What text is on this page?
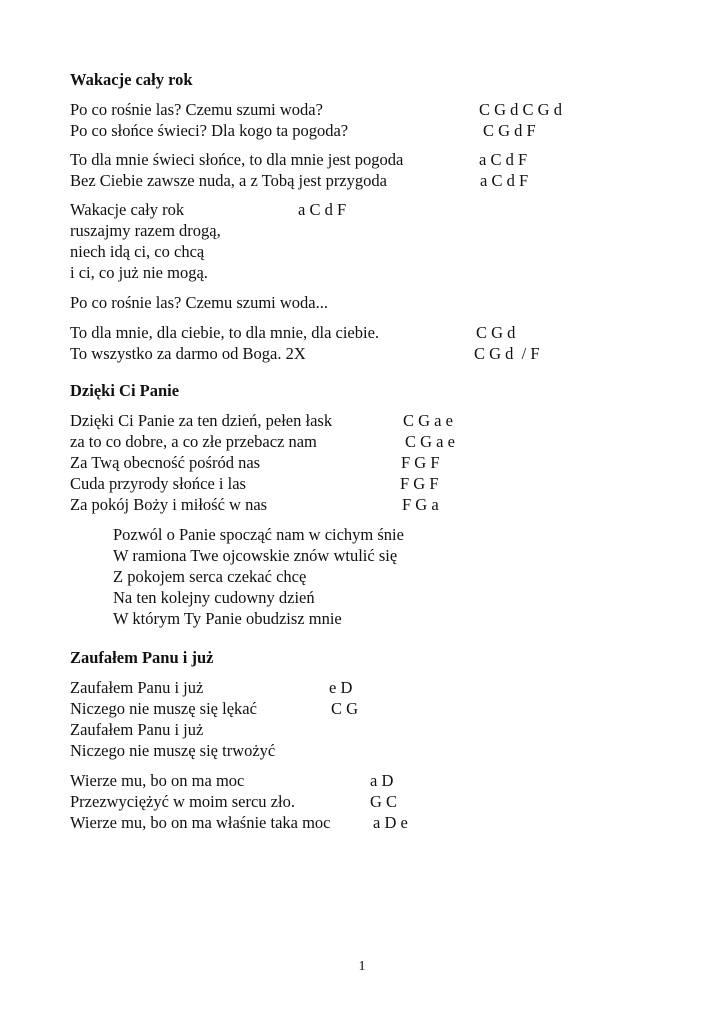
Wakacje cały rok
Po co rośnie las? Czemu szumi woda?	C G d C G d
Po co słońce świeci? Dla kogo ta pogoda?	C G d F
To dla mnie świeci słońce, to dla mnie jest pogoda	a C d F
Bez Ciebie zawsze nuda, a z Tobą jest przygoda	a C d F
Wakacje cały rok	a C d F
ruszajmy razem drogą,
niech idą ci, co chcą
i ci, co już nie mogą.
Po co rośnie las? Czemu szumi woda...
To dla mnie, dla ciebie, to dla mnie, dla ciebie.	C G d
To wszystko za darmo od Boga. 2X	C G d  / F
Dzięki Ci Panie
Dzięki Ci Panie za ten dzień, pełen łask	C G a e
za to co dobre, a co złe przebacz nam	C G a e
Za Twą obecność pośród nas	F G F
Cuda przyrody słońce i las	F G F
Za pokój Boży i miłość w nas	F G a
Pozwól o Panie spocząć nam w cichym śnie
W ramiona Twe ojcowskie znów wtulić się
Z pokojem serca czekać chcę
Na ten kolejny cudowny dzień
W którym Ty Panie obudzisz mnie
Zaufałem Panu i już
Zaufałem Panu i już	e D
Niczego nie muszę się lękać	C G
Zaufałem Panu i już
Niczego nie muszę się trwożyć
Wierze mu, bo on ma moc	a D
Przezwyciężyć w moim sercu zło.	G C
Wierze mu, bo on ma właśnie taka moc	a D e
1
